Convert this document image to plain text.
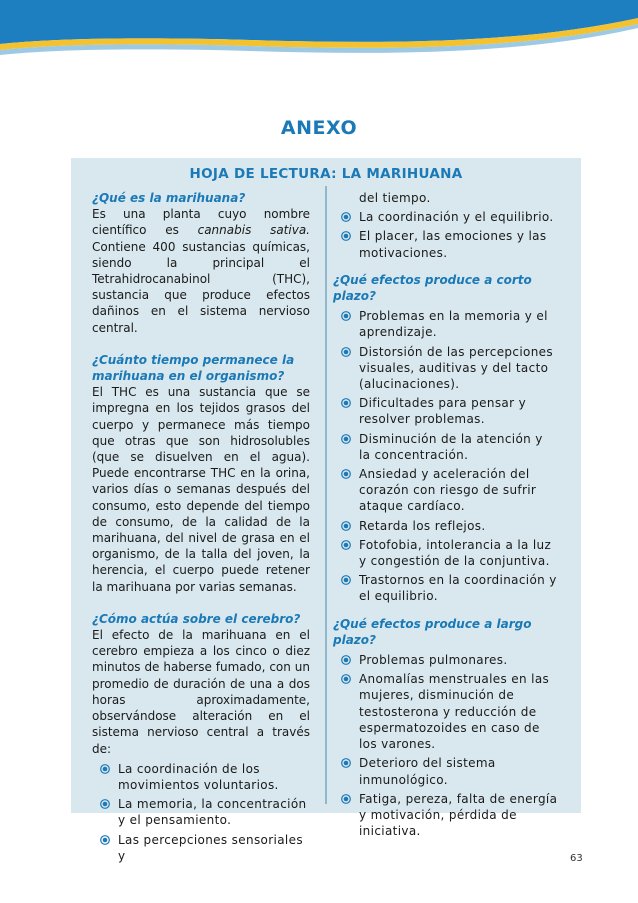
ANEXO
HOJA DE LECTURA: LA MARIHUANA

¿Qué es la marihuana?

Es una planta cuyo nombre científico es cannabis sativa. Contiene 400 sustancias químicas, siendo la principal el Tetrahidrocanabinol (THC), sustancia que produce efectos dañinos en el sistema nervioso central.

¿Cuánto tiempo permanece la marihuana en el organismo?

El THC es una sustancia que se impregna en los tejidos grasos del cuerpo y permanece más tiempo que otras que son hidrosolubles (que se disuelven en el agua). Puede encontrarse THC en la orina, varios días o semanas después del consumo, esto depende del tiempo de consumo, de la calidad de la marihuana, del nivel de grasa en el organismo, de la talla del joven, la herencia, el cuerpo puede retener la marihuana por varias semanas.

¿Cómo actúa sobre el cerebro?

El efecto de la marihuana en el cerebro empieza a los cinco o diez minutos de haberse fumado, con un promedio de duración de una a dos horas aproximadamente, observándose alteración en el sistema nervioso central a través de:

La coordinación de los movimientos voluntarios.
La memoria, la concentración y el pensamiento.
Las percepciones sensoriales y

del tiempo.

La coordinación y el equilibrio.
El placer, las emociones y las motivaciones.

¿Qué efectos produce a corto plazo?

Problemas en la memoria y el aprendizaje.
Distorsión de las percepciones visuales, auditivas y del tacto (alucinaciones).
Dificultades para pensar y resolver problemas.
Disminución de la atención y la concentración.
Ansiedad y aceleración del corazón con riesgo de sufrir ataque cardíaco.
Retarda los reflejos.
Fotofobia, intolerancia a la luz y congestión de la conjuntiva.
Trastornos en la coordinación y el equilibrio.

¿Qué efectos produce a largo plazo?

Problemas pulmonares.
Anomalías menstruales en las mujeres, disminución de testosterona y reducción de espermatozoides en caso de los varones.
Deterioro del sistema inmunológico.
Fatiga, pereza, falta de energía y motivación, pérdida de iniciativa.
63
